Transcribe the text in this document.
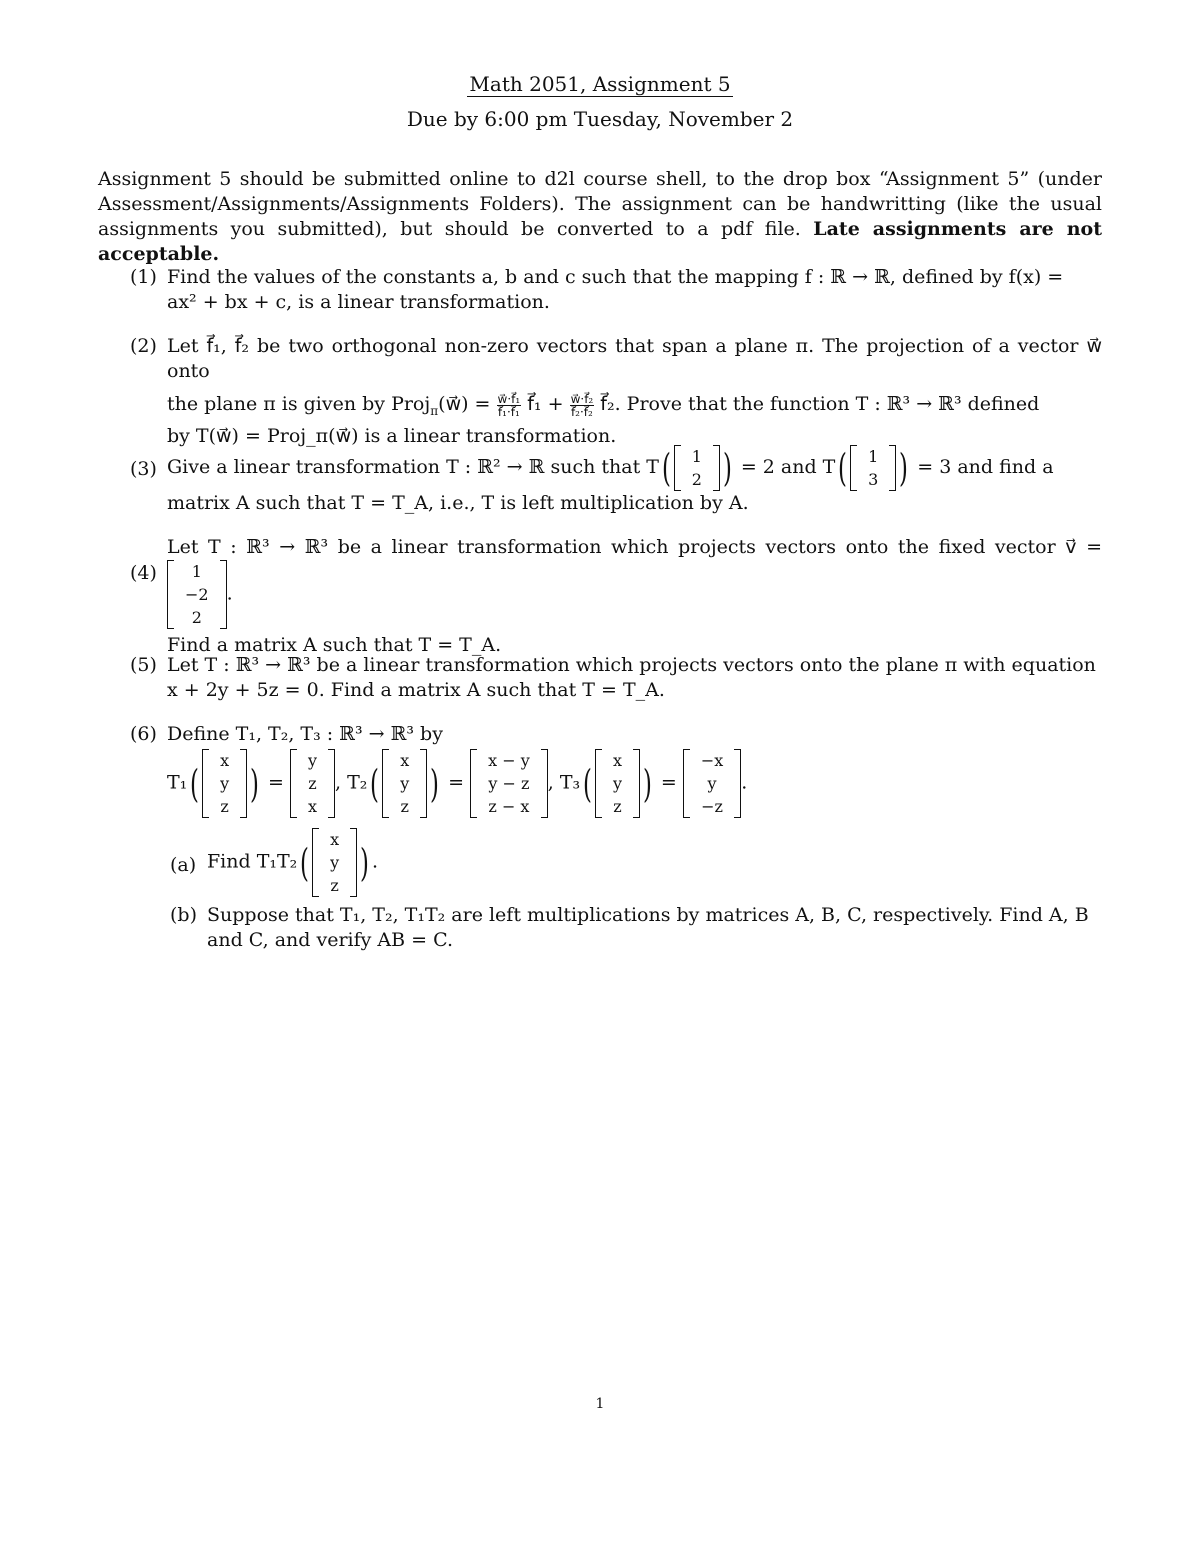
Math 2051, Assignment 5
Due by 6:00 pm Tuesday, November 2
Assignment 5 should be submitted online to d2l course shell, to the drop box “Assignment 5” (under Assessment/Assignments/Assignments Folders). The assignment can be handwritting (like the usual assignments you submitted), but should be converted to a pdf file. Late assignments are not acceptable.
(1) Find the values of the constants a, b and c such that the mapping f : ℝ → ℝ, defined by f(x) =
ax² + bx + c, is a linear transformation.
(2) Let f⃗₁, f⃗₂ be two orthogonal non-zero vectors that span a plane π. The projection of a vector w⃗ onto
the plane π is given by Proj$_\pi$(w⃗) = $\frac{\text{w⃗·f⃗₁}}{\text{f⃗₁·f⃗₁}}$ f⃗₁ + $\frac{\text{w⃗·f⃗₂}}{\text{f⃗₂·f⃗₂}}$ f⃗₂. Prove that the function T : ℝ³ → ℝ³ defined
by T(w⃗) = Proj_π(w⃗) is a linear transformation.
(3) Give a linear transformation T : ℝ² → ℝ such that T(	1
2 ) = 2 and T(	1
3 ) = 3 and find a
matrix A such that T = T_A, i.e., T is left multiplication by A.
(4)
Let T : ℝ³ → ℝ³ be a linear transformation which projects vectors onto the fixed vector v⃗ =
1
−2
2
.
Find a matrix A such that T = T_A.
(5) Let T : ℝ³ → ℝ³ be a linear transformation which projects vectors onto the plane π with equation
x + 2y + 5z = 0. Find a matrix A such that T = T_A.
(6) Define T₁, T₂, T₃ : ℝ³ → ℝ³ by
T₁(
x
y
z
) =
y
z
x
, T₂(
x
y
z
) =
x − y
y − z
z − x
, T₃(
x
y
z
) =
−x
y
−z
.
(a) Find T₁T₂(
x
y
z
) .
(b) Suppose that T₁, T₂, T₁T₂ are left multiplications by matrices A, B, C, respectively. Find A, B
and C, and verify AB = C.
1
